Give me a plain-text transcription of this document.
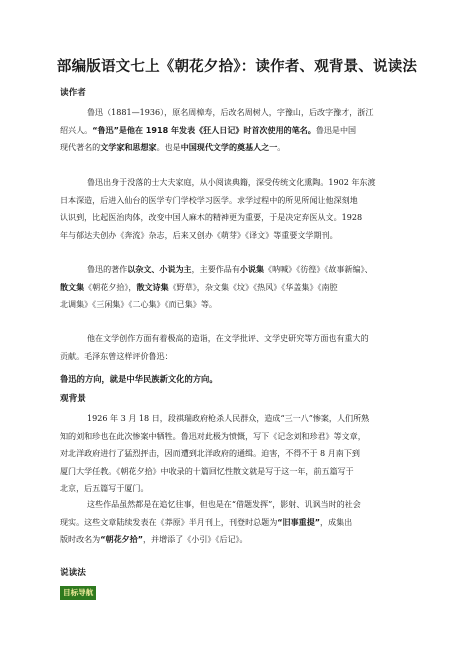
部编版语文七上《朝花夕拾》：读作者、观背景、说读法
读作者
鲁迅（1881—1936），原名周樟寿，后改名周树人，字豫山，后改字豫才，浙江
绍兴人。“鲁迅”是他在 1918 年发表《狂人日记》时首次使用的笔名。鲁迅是中国
现代著名的文学家和思想家。也是中国现代文学的奠基人之一。
鲁迅出身于没落的士大夫家庭，从小阅读典籍，深受传统文化熏陶。1902 年东渡
日本深造，后进入仙台的医学专门学校学习医学。求学过程中的所见所闻让他深刻地
认识到，比起医治肉体，改变中国人麻木的精神更为重要，于是决定弃医从文。1928
年与郁达夫创办《奔流》杂志，后来又创办《萌芽》《译文》等重要文学期刊。
鲁迅的著作以杂文、小说为主，主要作品有小说集《呐喊》《彷徨》《故事新编》、
散文集《朝花夕拾》，散文诗集《野草》，杂文集《坟》《热风》《华盖集》《南腔
北调集》《三闲集》《二心集》《而已集》等。
他在文学创作方面有着极高的造诣，在文学批评、文学史研究等方面也有重大的
贡献。毛泽东曾这样评价鲁迅：
鲁迅的方向，就是中华民族新文化的方向。
观背景
1926 年 3 月 18 日，段祺瑞政府枪杀人民群众，造成“三一八”惨案，人们所熟
知的刘和珍也在此次惨案中牺牲。鲁迅对此极为愤慨，写下《记念刘和珍君》等文章，
对北洋政府进行了猛烈抨击，因而遭到北洋政府的通缉。迫害，不得不于 8 月南下到
厦门大学任教。《朝花夕拾》中收录的十篇回忆性散文就是写于这一年，前五篇写于
北京，后五篇写于厦门。
这些作品虽然都是在追忆往事，但也是在“借题发挥”，影射、讥讽当时的社会
现实。这些文章陆续发表在《莽原》半月刊上，刊登时总题为“旧事重提”，成集出
版时改名为“朝花夕拾”，并增添了《小引》《后记》。
说读法
目标导航
